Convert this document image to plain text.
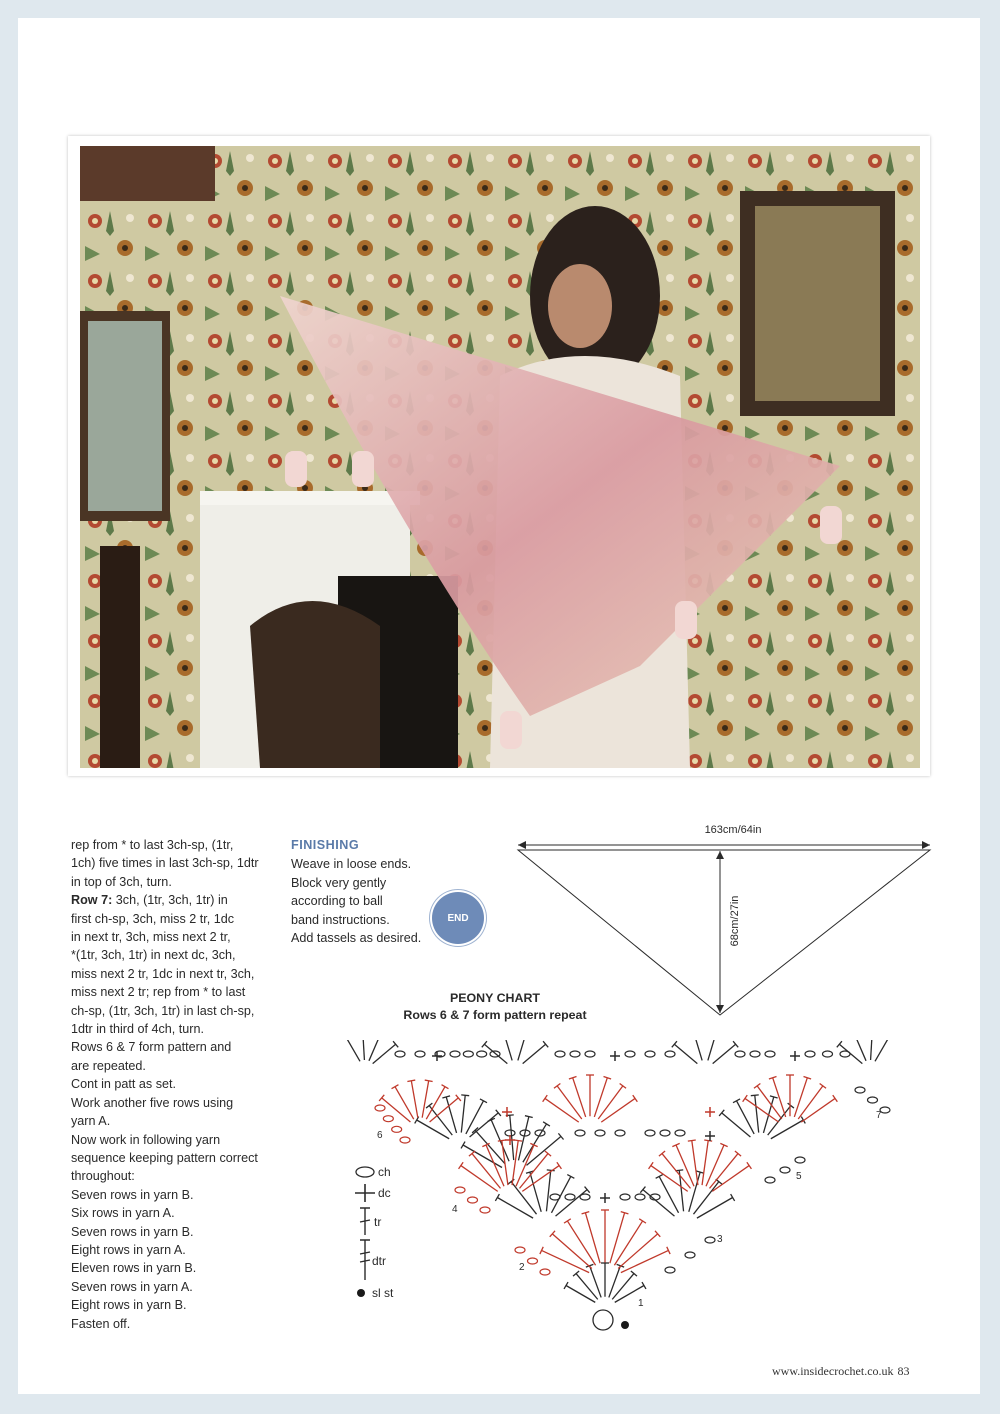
rep from * to last 3ch-sp, (1tr,

1ch) five times in last 3ch-sp, 1dtr

in top of 3ch, turn.

Row 7: 3ch, (1tr, 3ch, 1tr) in

first ch-sp, 3ch, miss 2 tr, 1dc

in next tr, 3ch, miss next 2 tr,

*(1tr, 3ch, 1tr) in next dc, 3ch,

miss next 2 tr, 1dc in next tr, 3ch,

miss next 2 tr; rep from * to last

ch-sp, (1tr, 3ch, 1tr) in last ch-sp,

1dtr in third of 4ch, turn.

Rows 6 & 7 form pattern and

are repeated.

Cont in patt as set.

Work another five rows using

yarn A.

Now work in following yarn

sequence keeping pattern correct

throughout:

Seven rows in yarn B.

Six rows in yarn A.

Seven rows in yarn B.

Eight rows in yarn A.

Eleven rows in yarn B.

Seven rows in yarn A.

Eight rows in yarn B.

Fasten off.

FINISHING

Weave in loose ends.

Block very gently

according to ball

band instructions.

Add tassels as desired.

END
163cm/64in
68cm/27in
PEONY CHART
Rows 6 & 7 form pattern repeat
ch
dc
tr
dtr
sl st
1
2
3
4
5
6
7
www.insidecrochet.co.uk 83
